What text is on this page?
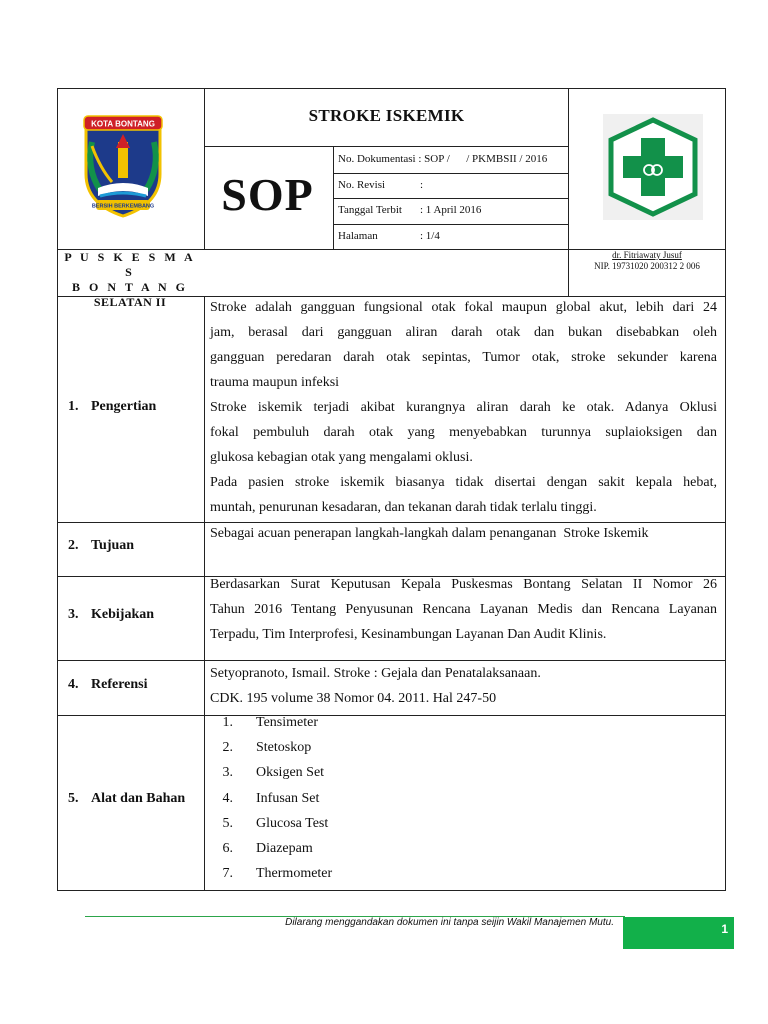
KOTA BONTANG
BERSIH BERKEMBANG
STROKE ISKEMIK
SOP
No. Dokumentasi : SOP /      / PKMBSII / 2016
No. Revisi	:
Tanggal Terbit : 1 April 2016
Halaman	: 1/4
P U S K E S M A S
B O N T A N G
SELATAN II
dr. Fitriawaty Jusuf
NIP. 19731020 200312 2 006
1. Pengertian
Stroke adalah gangguan fungsional otak fokal maupun global akut, lebih dari 24
jam, berasal dari gangguan aliran darah otak dan bukan disebabkan oleh
gangguan peredaran darah otak sepintas, Tumor otak, stroke sekunder karena
trauma maupun infeksi
Stroke iskemik terjadi akibat kurangnya aliran darah ke otak. Adanya Oklusi
fokal pembuluh darah otak yang menyebabkan turunnya suplaioksigen dan
glukosa kebagian otak yang mengalami oklusi.
Pada pasien stroke iskemik biasanya tidak disertai dengan sakit kepala hebat,
muntah, penurunan kesadaran, dan tekanan darah tidak terlalu tinggi.
2. Tujuan
Sebagai acuan penerapan langkah-langkah dalam penanganan  Stroke Iskemik
3. Kebijakan
Berdasarkan Surat Keputusan Kepala Puskesmas Bontang Selatan II Nomor 26
Tahun 2016 Tentang Penyusunan Rencana Layanan Medis dan Rencana Layanan
Terpadu, Tim Interprofesi, Kesinambungan Layanan Dan Audit Klinis.
4. Referensi
Setyopranoto, Ismail. Stroke : Gejala dan Penatalaksanaan.
CDK. 195 volume 38 Nomor 04. 2011. Hal 247-50
5. Alat dan Bahan
1. Tensimeter
2. Stetoskop
3. Oksigen Set
4. Infusan Set
5. Glucosa Test
6. Diazepam
7. Thermometer
Dilarang menggandakan dokumen ini tanpa seijin Wakil Manajemen Mutu.	1
